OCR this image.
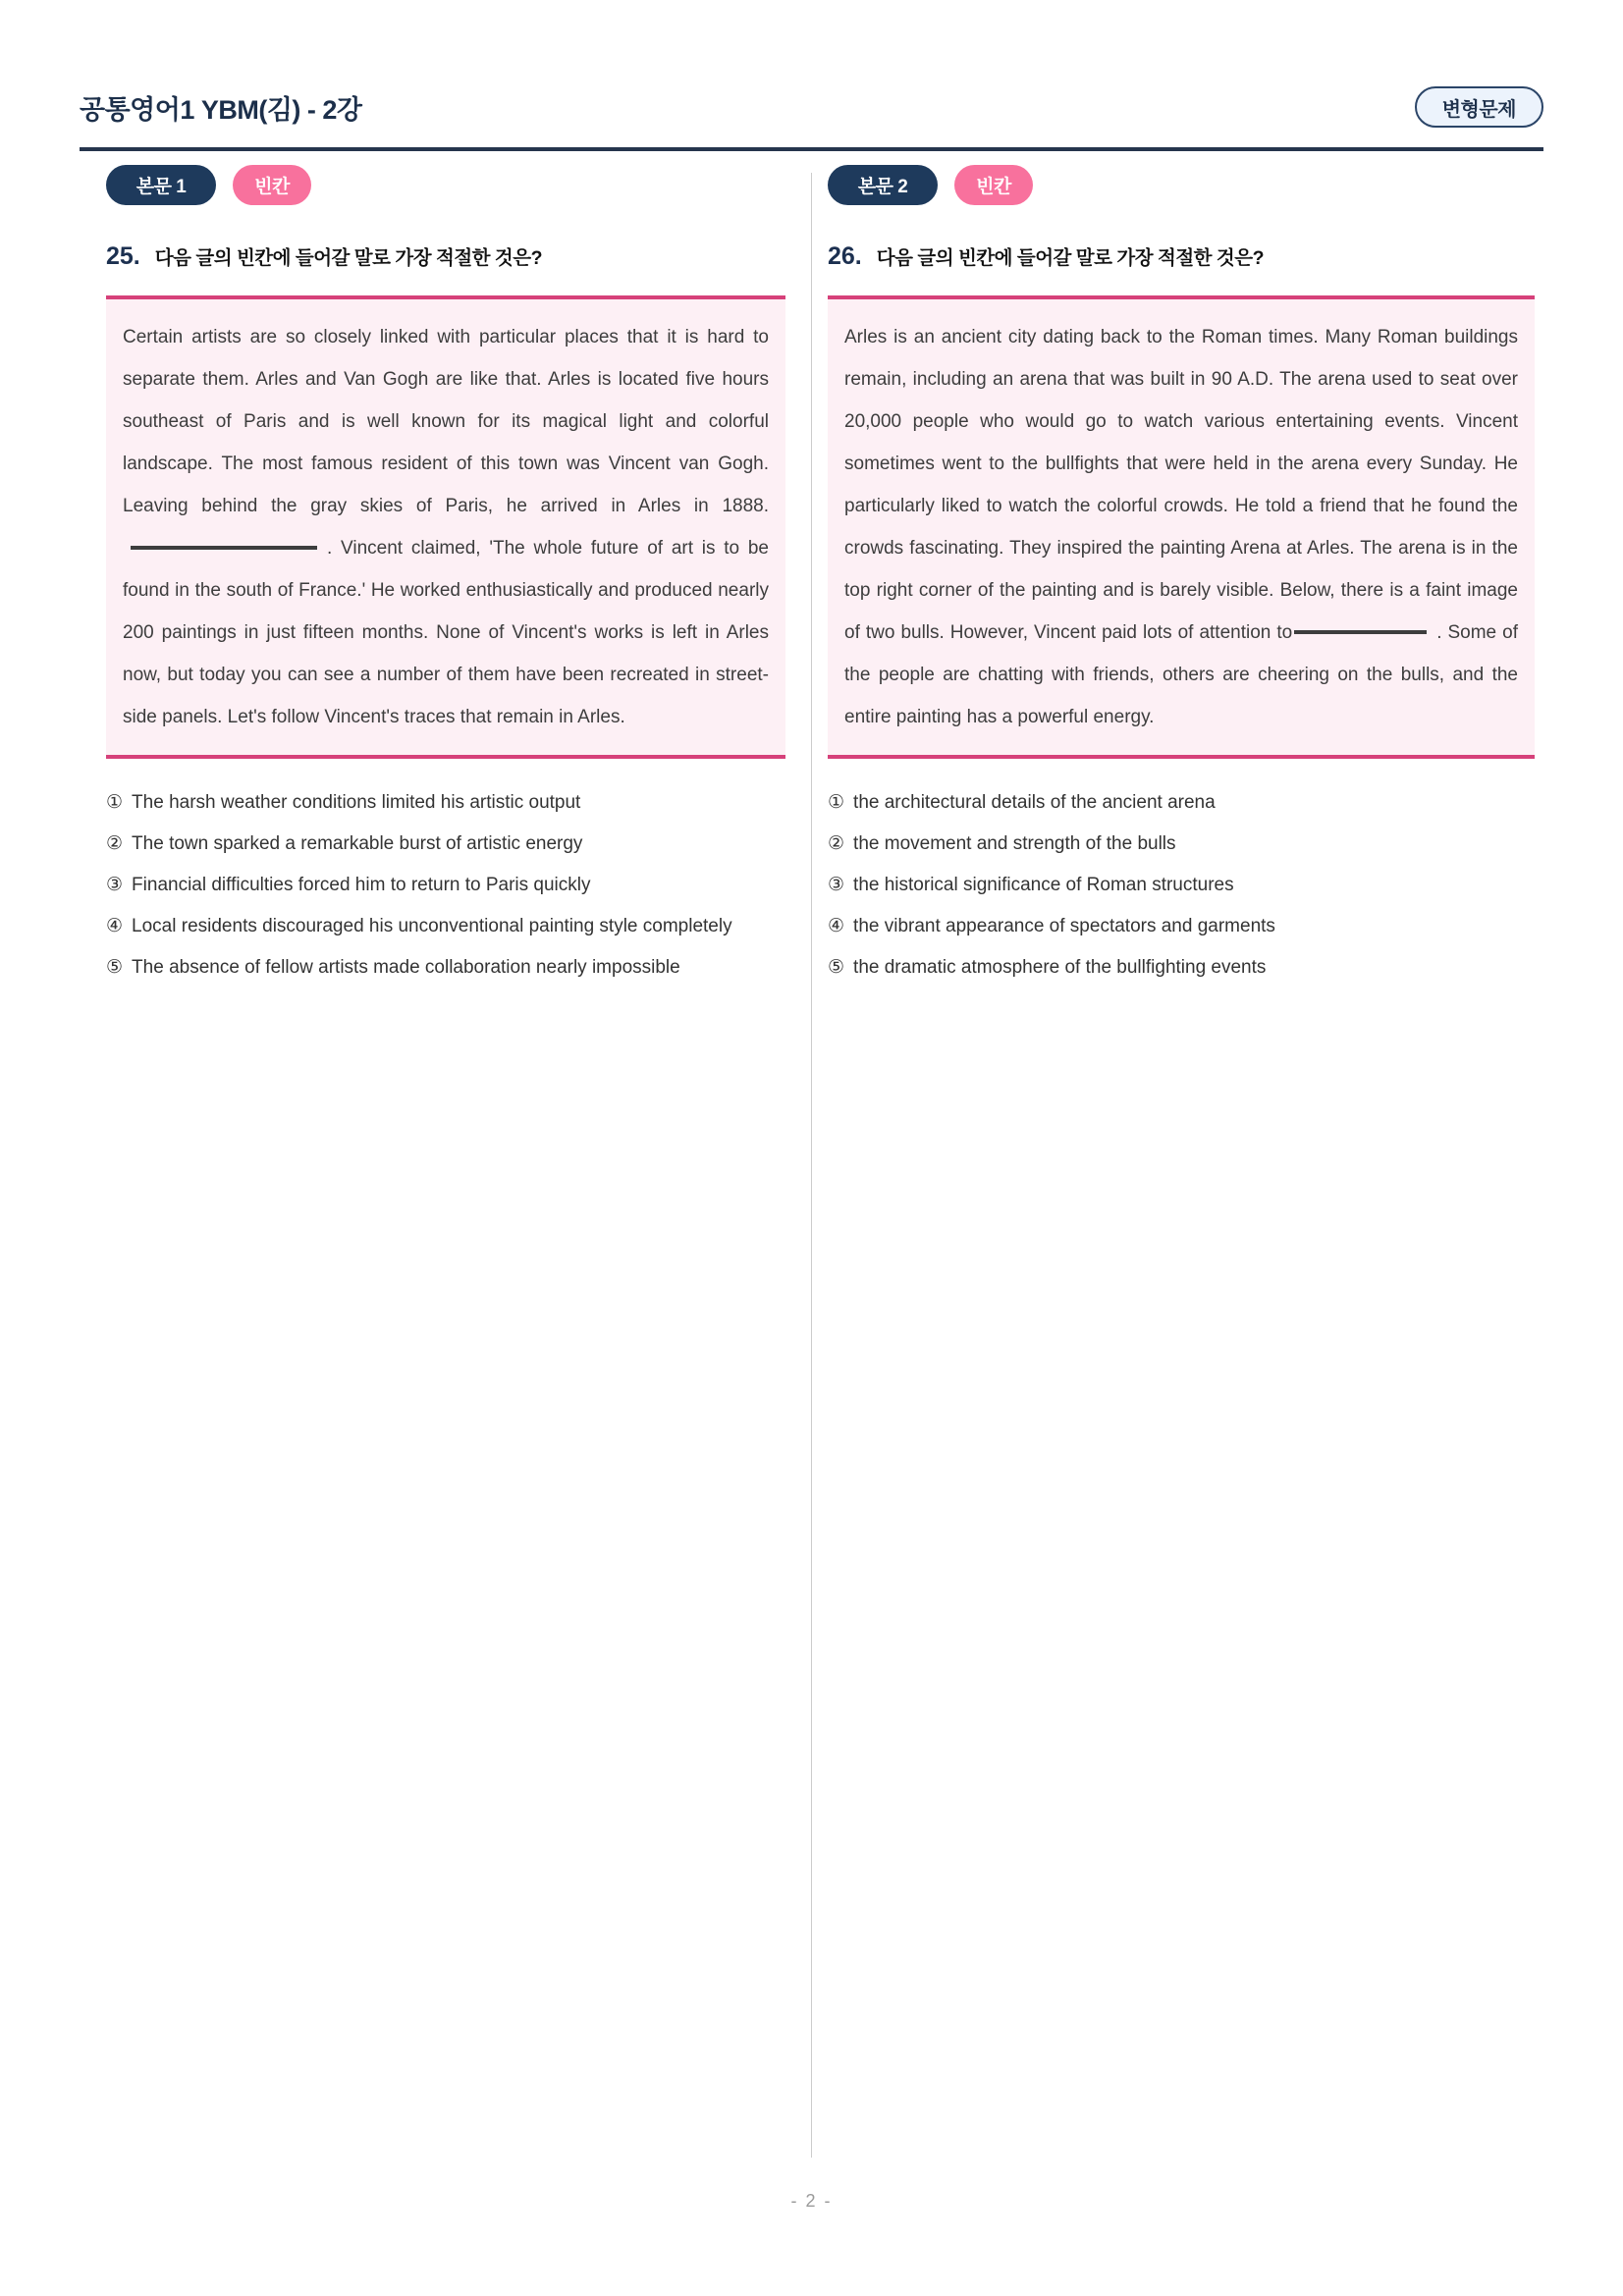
공통영어1 YBM(김) - 2강	변형문제
본문 1	빈칸
25. 다음 글의 빈칸에 들어갈 말로 가장 적절한 것은?

Certain artists are so closely linked with particular places that it is hard to separate them. Arles and Van Gogh are like that. Arles is located five hours southeast of Paris and is well known for its magical light and colorful landscape. The most famous resident of this town was Vincent van Gogh. Leaving behind the gray skies of Paris, he arrived in Arles in 1888.. Vincent claimed, 'The whole future of art is to be found in the south of France.' He worked enthusiastically and produced nearly 200 paintings in just fifteen months. None of Vincent's works is left in Arles now, but today you can see a number of them have been recreated in street-side panels. Let's follow Vincent's traces that remain in Arles.

① The harsh weather conditions limited his artistic output
② The town sparked a remarkable burst of artistic energy
③ Financial difficulties forced him to return to Paris quickly
④ Local residents discouraged his unconventional painting style completely
⑤ The absence of fellow artists made collaboration nearly impossible
본문 2	빈칸
26. 다음 글의 빈칸에 들어갈 말로 가장 적절한 것은?

Arles is an ancient city dating back to the Roman times. Many Roman buildings remain, including an arena that was built in 90 A.D. The arena used to seat over 20,000 people who would go to watch various entertaining events. Vincent sometimes went to the bullfights that were held in the arena every Sunday. He particularly liked to watch the colorful crowds. He told a friend that he found the crowds fascinating. They inspired the painting Arena at Arles. The arena is in the top right corner of the painting and is barely visible. Below, there is a faint image of two bulls. However, Vincent paid lots of attention to	. Some of the people are chatting with friends, others are cheering on the bulls, and the entire painting has a powerful energy.

① the architectural details of the ancient arena
② the movement and strength of the bulls
③ the historical significance of Roman structures
④ the vibrant appearance of spectators and garments
⑤ the dramatic atmosphere of the bullfighting events
- 2 -
